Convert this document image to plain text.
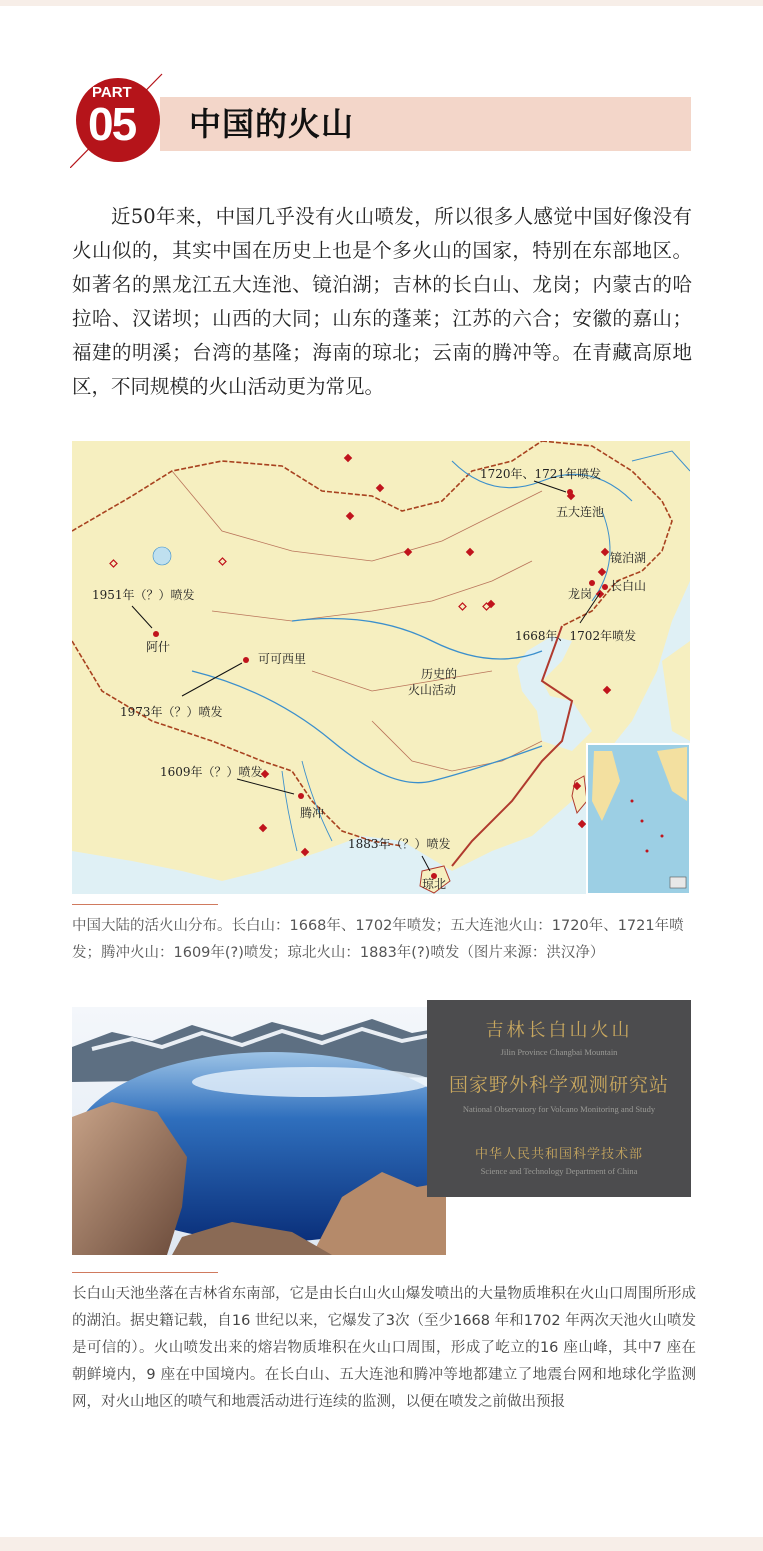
PART
05 中国的火山

近50年来，中国几乎没有火山喷发，所以很多人感觉中国好像没有火山似的，其实中国在历史上也是个多火山的国家，特别在东部地区。如著名的黑龙江五大连池、镜泊湖；吉林的长白山、龙岗；内蒙古的哈拉哈、汉诺坝；山西的大同；山东的蓬莱；江苏的六合；安徽的嘉山；福建的明溪；台湾的基隆；海南的琼北；云南的腾冲等。在青藏高原地区，不同规模的火山活动更为常见。

1720年、1721年喷发
五大连池
镜泊湖
龙岗
长白山
1668年、1702年喷发
1951年（？）喷发
阿什
可可西里
历史的
火山活动
1973年（？）喷发
1609年（？）喷发
腾冲
1883年（？）喷发
琼北

中国大陆的活火山分布。长白山：1668年、1702年喷发；五大连池火山：1720年、1721年喷发；腾冲火山：1609年(?)喷发；琼北火山：1883年(?)喷发（图片来源：洪汉净）

吉林长白山火山
Jilin Province Changbai Mountain
国家野外科学观测研究站
National Observatory for Volcano Monitoring and Study
中华人民共和国科学技术部
Science and Technology Department of China

长白山天池坐落在吉林省东南部，它是由长白山火山爆发喷出的大量物质堆积在火山口周围所形成的湖泊。据史籍记载，自16 世纪以来，它爆发了3次（至少1668 年和1702 年两次天池火山喷发是可信的）。火山喷发出来的熔岩物质堆积在火山口周围，形成了屹立的16 座山峰，其中7 座在朝鲜境内，9 座在中国境内。在长白山、五大连池和腾冲等地都建立了地震台网和地球化学监测网，对火山地区的喷气和地震活动进行连续的监测，以便在喷发之前做出预报
